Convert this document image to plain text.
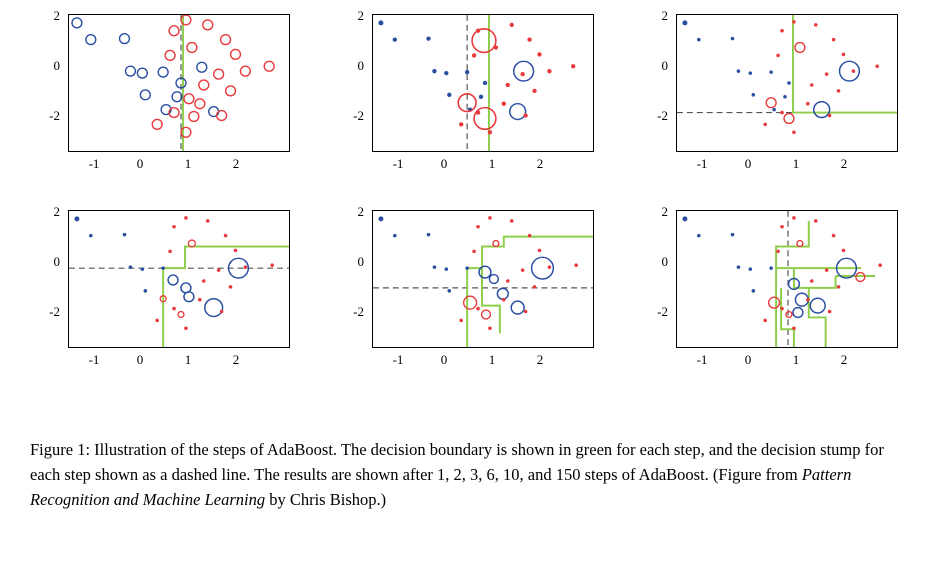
2
0
-2
-1	0	1	2
2
0
-2
-1	0	1	2
2
0
-2
-1	0	1	2
2
0
-2
-1	0	1	2
2
0
-2
-1	0	1	2
2
0
-2
-1	0	1	2
Figure 1: Illustration of the steps of AdaBoost. The decision boundary is shown in green for each step, and the decision stump for each step shown as a dashed line. The results are shown after 1, 2, 3, 6, 10, and 150 steps of AdaBoost. (Figure from Pattern Recognition and Machine Learning by Chris Bishop.)
